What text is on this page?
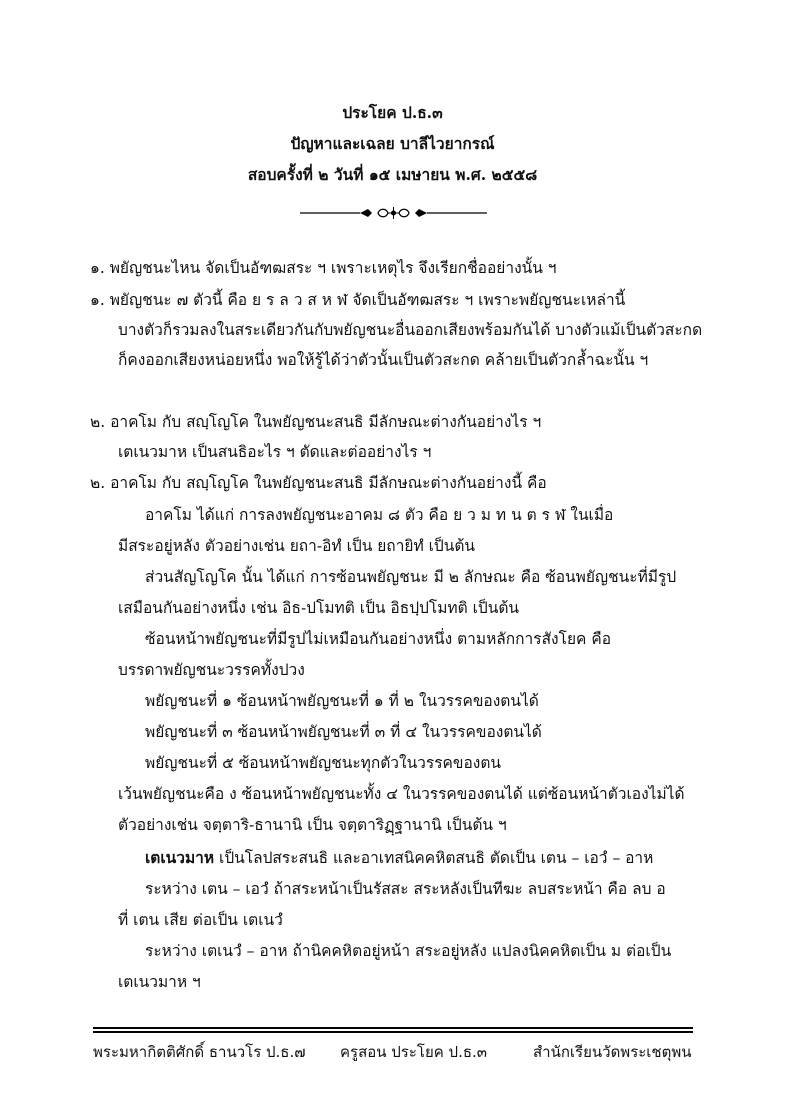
ประโยค ป.ธ.๓
ปัญหาและเฉลย บาลีไวยากรณ์
สอบครั้งที่ ๒ วันที่ ๑๕ เมษายน พ.ศ. ๒๕๕๘
๑. พยัญชนะไหน จัดเป็นอัฑฒสระ ฯ เพราะเหตุไร จึงเรียกชื่ออย่างนั้น ฯ
๑. พยัญชนะ ๗ ตัวนี้ คือ ย ร ล ว ส ห ฬ จัดเป็นอัฑฒสระ ฯ เพราะพยัญชนะเหล่านี้
บางตัวก็รวมลงในสระเดียวกันกับพยัญชนะอื่นออกเสียงพร้อมกันได้ บางตัวแม้เป็นตัวสะกด
ก็คงออกเสียงหน่อยหนึ่ง พอให้รู้ได้ว่าตัวนั้นเป็นตัวสะกด คล้ายเป็นตัวกล้ำฉะนั้น ฯ
๒. อาคโม กับ สญฺโญโค ในพยัญชนะสนธิ มีลักษณะต่างกันอย่างไร ฯ
เตเนวมาห เป็นสนธิอะไร ฯ ตัดและต่ออย่างไร ฯ
๒. อาคโม กับ สญฺโญโค ในพยัญชนะสนธิ มีลักษณะต่างกันอย่างนี้ คือ
อาคโม ได้แก่ การลงพยัญชนะอาคม ๘ ตัว คือ ย ว ม ท น ต ร ฬ ในเมื่อ
มีสระอยู่หลัง ตัวอย่างเช่น ยถา-อิทํ เป็น ยถายิทํ เป็นต้น
ส่วนสัญโญโค นั้น ได้แก่ การซ้อนพยัญชนะ มี ๒ ลักษณะ คือ ซ้อนพยัญชนะที่มีรูป
เสมือนกันอย่างหนึ่ง เช่น อิธ-ปโมทติ เป็น อิธปฺปโมทติ เป็นต้น
ซ้อนหน้าพยัญชนะที่มีรูปไม่เหมือนกันอย่างหนึ่ง ตามหลักการสังโยค คือ
บรรดาพยัญชนะวรรคทั้งปวง
พยัญชนะที่ ๑ ซ้อนหน้าพยัญชนะที่ ๑ ที่ ๒ ในวรรคของตนได้
พยัญชนะที่ ๓ ซ้อนหน้าพยัญชนะที่ ๓ ที่ ๔ ในวรรคของตนได้
พยัญชนะที่ ๕ ซ้อนหน้าพยัญชนะทุกตัวในวรรคของตน
เว้นพยัญชนะคือ ง ซ้อนหน้าพยัญชนะทั้ง ๔ ในวรรคของตนได้ แต่ซ้อนหน้าตัวเองไม่ได้
ตัวอย่างเช่น จตฺตาริ-ธานานิ เป็น จตฺตาริฏฺฐานานิ เป็นต้น ฯ
เตเนวมาห เป็นโลปสระสนธิ และอาเทสนิคคหิตสนธิ ตัดเป็น เตน – เอวํ – อาห
ระหว่าง เตน – เอวํ ถ้าสระหน้าเป็นรัสสะ สระหลังเป็นทีฆะ ลบสระหน้า คือ ลบ อ
ที่ เตน เสีย ต่อเป็น เตเนวํ
ระหว่าง เตเนวํ – อาห ถ้านิคคหิตอยู่หน้า สระอยู่หลัง แปลงนิคคหิตเป็น ม ต่อเป็น
เตเนวมาห ฯ
พระมหากิตติศักดิ์ ธานวโร ป.ธ.๗ ครูสอน ประโยค ป.ธ.๓	สำนักเรียนวัดพระเชตุพน
